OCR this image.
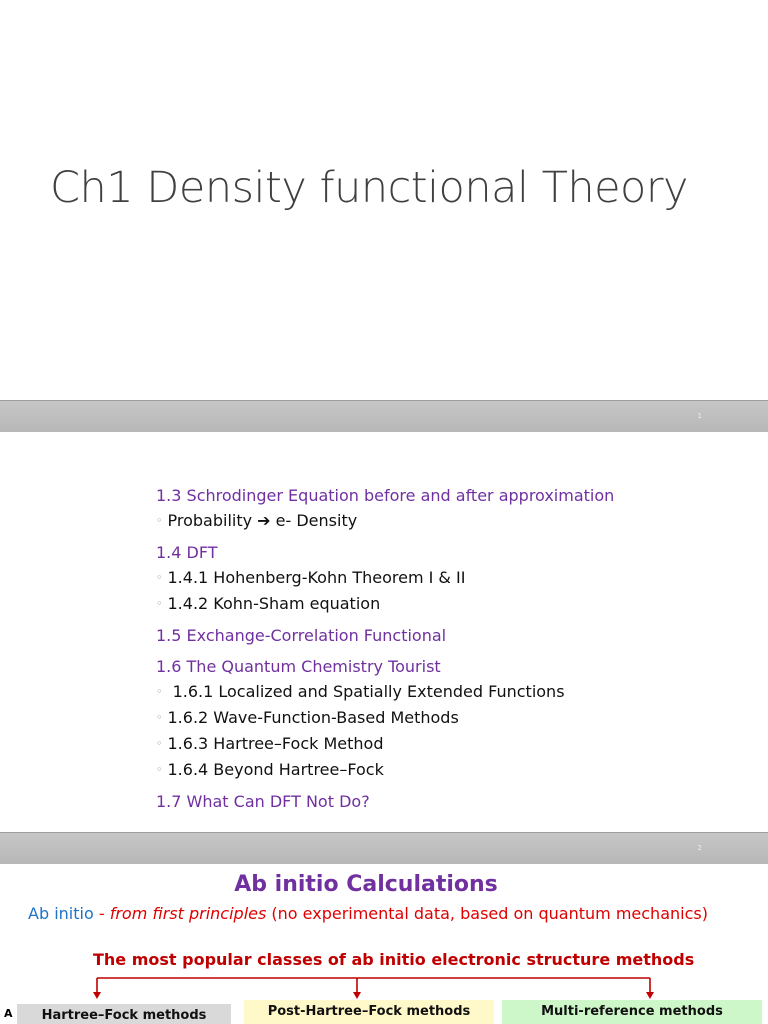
Ch1 Density functional Theory
1
1.3 Schrodinger Equation before and after approximation
◦ Probability ➔ e- Density
1.4 DFT
◦ 1.4.1 Hohenberg-Kohn Theorem I & II
◦ 1.4.2 Kohn-Sham equation
1.5 Exchange-Correlation Functional
1.6 The Quantum Chemistry Tourist
◦ 1.6.1 Localized and Spatially Extended Functions
◦ 1.6.2 Wave-Function-Based Methods
◦ 1.6.3 Hartree–Fock Method
◦ 1.6.4 Beyond Hartree–Fock
1.7 What Can DFT Not Do?
2
Ab initio Calculations
Ab initio - from first principles (no experimental data, based on quantum mechanics)
The most popular classes of ab initio electronic structure methods
A	Hartree–Fock methods	Post-Hartree–Fock methods	Multi-reference methods
